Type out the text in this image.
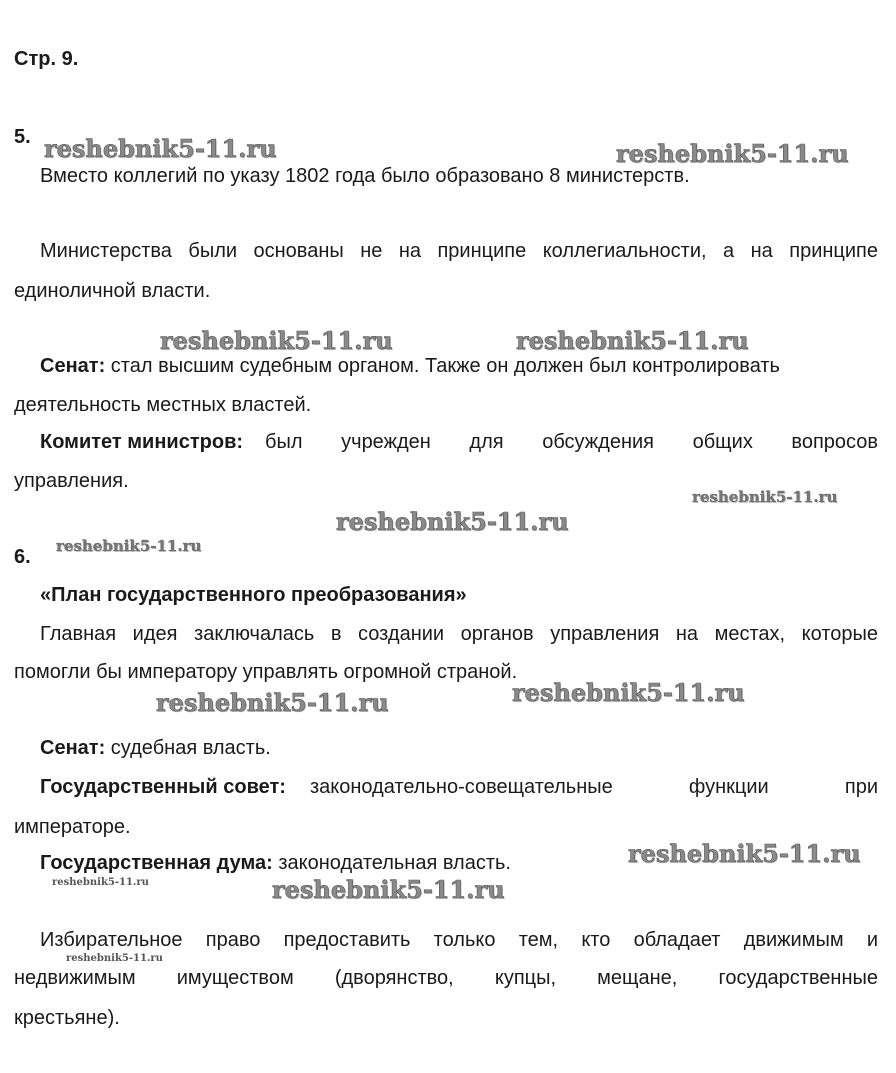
Стр. 9.
5.
Вместо коллегий по указу 1802 года было образовано 8 министерств.
Министерства были основаны не на принципе коллегиальности, а на принципе
единоличной власти.
Сенат: стал высшим судебным органом. Также он должен был контролировать
деятельность местных властей.
Комитет министров: был учрежден для обсуждения общих вопросов
управления.
6.
«План государственного преобразования»
Главная идея заключалась в создании органов управления на местах, которые
помогли бы императору управлять огромной страной.
Сенат: судебная власть.
Государственный совет: законодательно-совещательные функции при
императоре.
Государственная дума: законодательная власть.
Избирательное право предоставить только тем, кто обладает движимым и
недвижимым имуществом (дворянство, купцы, мещане, государственные
крестьяне).
reshebnik5-11.ru	reshebnik5-11.ru
reshebnik5-11.ru	reshebnik5-11.ru
reshebnik5-11.ru
reshebnik5-11.ru
reshebnik5-11.ru
reshebnik5-11.ru
reshebnik5-11.ru
reshebnik5-11.ru
reshebnik5-11.ru	reshebnik5-11.ru
reshebnik5-11.ru
